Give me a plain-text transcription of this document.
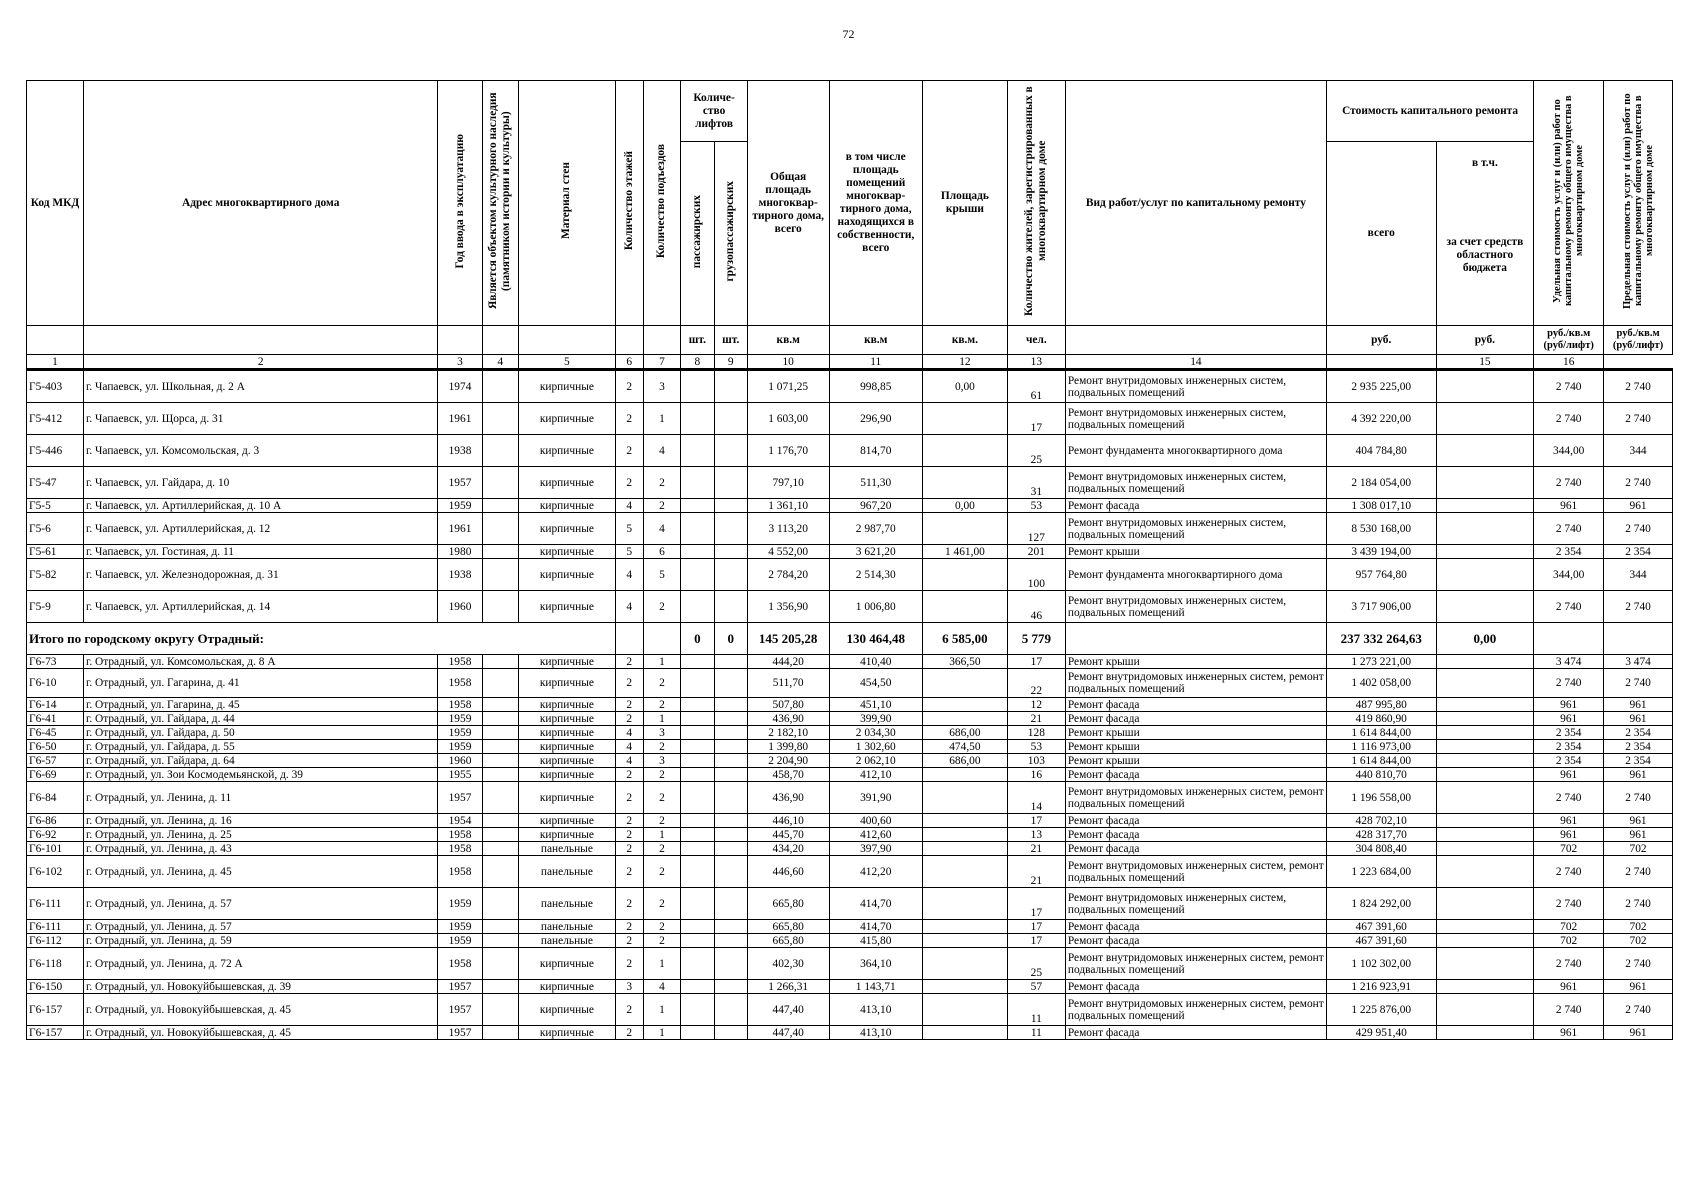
72
Код МКД	Адрес многоквартирного дома	Год ввода в эксплуатацию	Является объектом культурного наследия (памятником истории и культуры)	Материал стен	Количество этажей	Количество подъездов	Количе-ство лифтов		Общая площадь многоквар-тирного дома, всего	в том числе площадь помещений многоквар-тирного дома, находящихся в собственности, всего	Площадь крыши	Количество жителей, зарегистрированных в многоквартирном доме	Вид работ/услуг по капитальному ремонту	Стоимость капитального ремонта		Удельная стоимость услуг и (или) работ по капитальному ремонту общего имущества в многоквартирном доме	Предельная стоимость услуг и (или) работ по капитальному ремонту общего имущества в многоквартирном доме
							пассажирских	грузопассажирских						всего	в т.ч.		
															за счет средств областного бюджета		
							шт.	шт.	кв.м	кв.м	кв.м.	чел.		руб.	руб.	руб./кв.м (руб/лифт)	руб./кв.м (руб/лифт)
1	2	3	4	5	6	7	8	9	10	11	12	13	14		15	16	
Г5-403	г. Чапаевск, ул. Школьная, д. 2 А	1974		кирпичные	2	3			1 071,25	998,85	0,00	61	Ремонт внутридомовых инженерных систем, подвальных помещений	2 935 225,00		2 740	2 740
Г5-412	г. Чапаевск, ул. Щорса, д. 31	1961		кирпичные	2	1			1 603,00	296,90		17	Ремонт внутридомовых инженерных систем, подвальных помещений	4 392 220,00		2 740	2 740
Г5-446	г. Чапаевск, ул. Комсомольская, д. 3	1938		кирпичные	2	4			1 176,70	814,70		25	Ремонт фундамента многоквартирного дома	404 784,80		344,00	344
Г5-47	г. Чапаевск, ул. Гайдара, д. 10	1957		кирпичные	2	2			797,10	511,30		31	Ремонт внутридомовых инженерных систем, подвальных помещений	2 184 054,00		2 740	2 740
Г5-5	г. Чапаевск, ул. Артиллерийская, д. 10 А	1959		кирпичные	4	2			1 361,10	967,20	0,00	53	Ремонт фасада	1 308 017,10		961	961
Г5-6	г. Чапаевск, ул. Артиллерийская, д. 12	1961		кирпичные	5	4			3 113,20	2 987,70		127	Ремонт внутридомовых инженерных систем, подвальных помещений	8 530 168,00		2 740	2 740
Г5-61	г. Чапаевск, ул. Гостиная, д. 11	1980		кирпичные	5	6			4 552,00	3 621,20	1 461,00	201	Ремонт крыши	3 439 194,00		2 354	2 354
Г5-82	г. Чапаевск, ул. Железнодорожная, д. 31	1938		кирпичные	4	5			2 784,20	2 514,30		100	Ремонт фундамента многоквартирного дома	957 764,80		344,00	344
Г5-9	г. Чапаевск, ул. Артиллерийская, д. 14	1960		кирпичные	4	2			1 356,90	1 006,80		46	Ремонт внутридомовых инженерных систем, подвальных помещений	3 717 906,00		2 740	2 740
Итого по городскому округу Отрадный:							0	0	145 205,28	130 464,48	6 585,00	5 779		237 332 264,63	0,00		
Г6-73	г. Отрадный, ул. Комсомольская, д. 8 А	1958		кирпичные	2	1			444,20	410,40	366,50	17	Ремонт крыши	1 273 221,00		3 474	3 474
Г6-10	г. Отрадный, ул. Гагарина, д. 41	1958		кирпичные	2	2			511,70	454,50		22	Ремонт внутридомовых инженерных систем, ремонт подвальных помещений	1 402 058,00		2 740	2 740
Г6-14	г. Отрадный, ул. Гагарина, д. 45	1958		кирпичные	2	2			507,80	451,10		12	Ремонт фасада	487 995,80		961	961
Г6-41	г. Отрадный, ул. Гайдара, д. 44	1959		кирпичные	2	1			436,90	399,90		21	Ремонт фасада	419 860,90		961	961
Г6-45	г. Отрадный, ул. Гайдара, д. 50	1959		кирпичные	4	3			2 182,10	2 034,30	686,00	128	Ремонт крыши	1 614 844,00		2 354	2 354
Г6-50	г. Отрадный, ул. Гайдара, д. 55	1959		кирпичные	4	2			1 399,80	1 302,60	474,50	53	Ремонт крыши	1 116 973,00		2 354	2 354
Г6-57	г. Отрадный, ул. Гайдара, д. 64	1960		кирпичные	4	3			2 204,90	2 062,10	686,00	103	Ремонт крыши	1 614 844,00		2 354	2 354
Г6-69	г. Отрадный, ул. Зои Космодемьянской, д. 39	1955		кирпичные	2	2			458,70	412,10		16	Ремонт фасада	440 810,70		961	961
Г6-84	г. Отрадный, ул. Ленина, д. 11	1957		кирпичные	2	2			436,90	391,90		14	Ремонт внутридомовых инженерных систем, ремонт подвальных помещений	1 196 558,00		2 740	2 740
Г6-86	г. Отрадный, ул. Ленина, д. 16	1954		кирпичные	2	2			446,10	400,60		17	Ремонт фасада	428 702,10		961	961
Г6-92	г. Отрадный, ул. Ленина, д. 25	1958		кирпичные	2	1			445,70	412,60		13	Ремонт фасада	428 317,70		961	961
Г6-101	г. Отрадный, ул. Ленина, д. 43	1958		панельные	2	2			434,20	397,90		21	Ремонт фасада	304 808,40		702	702
Г6-102	г. Отрадный, ул. Ленина, д. 45	1958		панельные	2	2			446,60	412,20		21	Ремонт внутридомовых инженерных систем, ремонт подвальных помещений	1 223 684,00		2 740	2 740
Г6-111	г. Отрадный, ул. Ленина, д. 57	1959		панельные	2	2			665,80	414,70		17	Ремонт внутридомовых инженерных систем, подвальных помещений	1 824 292,00		2 740	2 740
Г6-111	г. Отрадный, ул. Ленина, д. 57	1959		панельные	2	2			665,80	414,70		17	Ремонт фасада	467 391,60		702	702
Г6-112	г. Отрадный, ул. Ленина, д. 59	1959		панельные	2	2			665,80	415,80		17	Ремонт фасада	467 391,60		702	702
Г6-118	г. Отрадный, ул. Ленина, д. 72 А	1958		кирпичные	2	1			402,30	364,10		25	Ремонт внутридомовых инженерных систем, ремонт подвальных помещений	1 102 302,00		2 740	2 740
Г6-150	г. Отрадный, ул. Новокуйбышевская, д. 39	1957		кирпичные	3	4			1 266,31	1 143,71		57	Ремонт фасада	1 216 923,91		961	961
Г6-157	г. Отрадный, ул. Новокуйбышевская, д. 45	1957		кирпичные	2	1			447,40	413,10		11	Ремонт внутридомовых инженерных систем, ремонт подвальных помещений	1 225 876,00		2 740	2 740
Г6-157	г. Отрадный, ул. Новокуйбышевская, д. 45	1957		кирпичные	2	1			447,40	413,10		11	Ремонт фасада	429 951,40		961	961
